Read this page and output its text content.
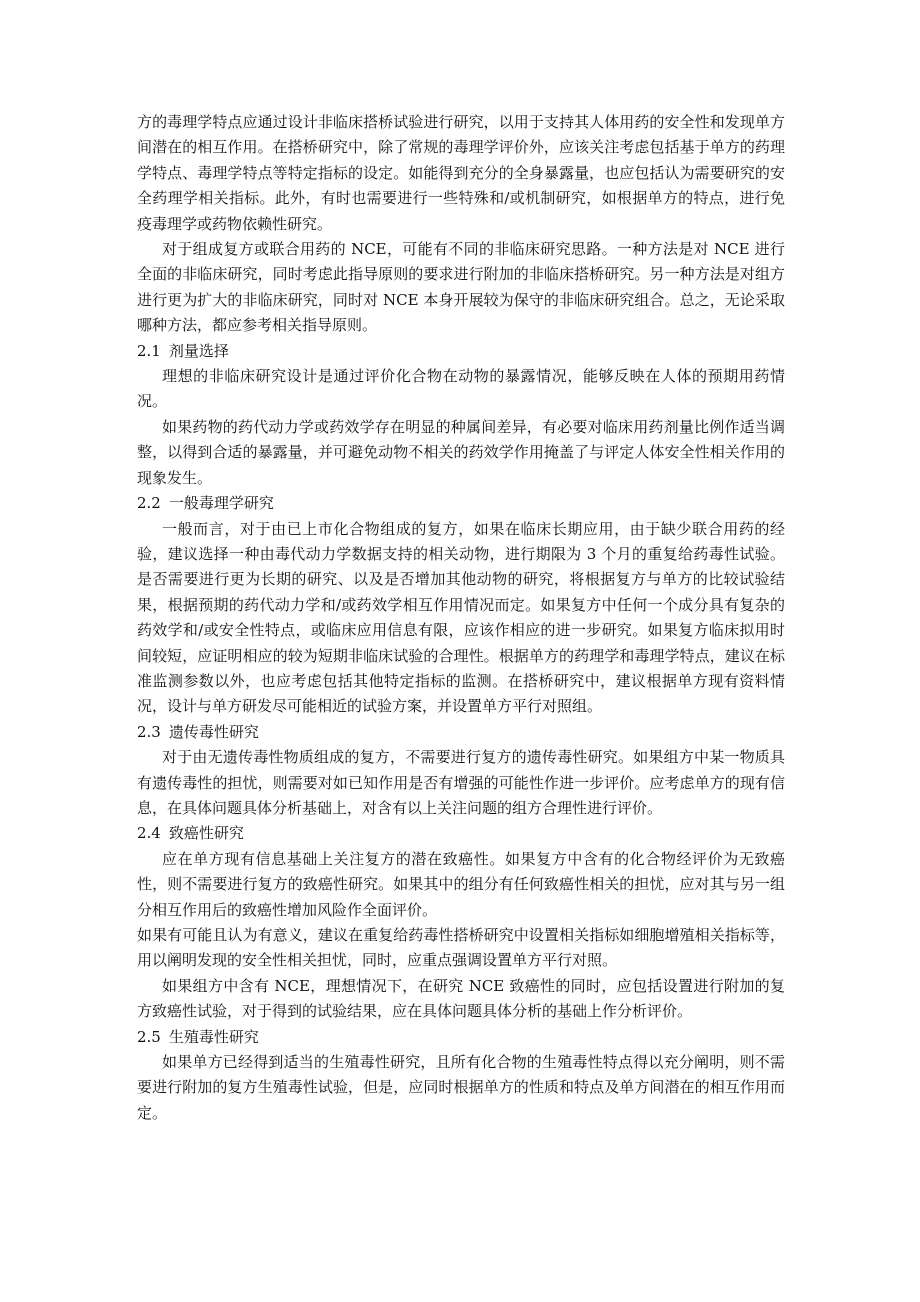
方的毒理学特点应通过设计非临床搭桥试验进行研究，以用于支持其人体用药的安全性和发现单方间潜在的相互作用。在搭桥研究中，除了常规的毒理学评价外，应该关注考虑包括基于单方的药理学特点、毒理学特点等特定指标的设定。如能得到充分的全身暴露量，也应包括认为需要研究的安全药理学相关指标。此外，有时也需要进行一些特殊和/或机制研究，如根据单方的特点，进行免疫毒理学或药物依赖性研究。

对于组成复方或联合用药的 NCE，可能有不同的非临床研究思路。一种方法是对 NCE 进行全面的非临床研究，同时考虑此指导原则的要求进行附加的非临床搭桥研究。另一种方法是对组方进行更为扩大的非临床研究，同时对 NCE 本身开展较为保守的非临床研究组合。总之，无论采取哪种方法，都应参考相关指导原则。

2.1 剂量选择

理想的非临床研究设计是通过评价化合物在动物的暴露情况，能够反映在人体的预期用药情况。

如果药物的药代动力学或药效学存在明显的种属间差异，有必要对临床用药剂量比例作适当调整，以得到合适的暴露量，并可避免动物不相关的药效学作用掩盖了与评定人体安全性相关作用的现象发生。

2.2 一般毒理学研究

一般而言，对于由已上市化合物组成的复方，如果在临床长期应用，由于缺少联合用药的经验，建议选择一种由毒代动力学数据支持的相关动物，进行期限为 3 个月的重复给药毒性试验。是否需要进行更为长期的研究、以及是否增加其他动物的研究，将根据复方与单方的比较试验结果，根据预期的药代动力学和/或药效学相互作用情况而定。如果复方中任何一个成分具有复杂的药效学和/或安全性特点，或临床应用信息有限，应该作相应的进一步研究。如果复方临床拟用时间较短，应证明相应的较为短期非临床试验的合理性。根据单方的药理学和毒理学特点，建议在标准监测参数以外，也应考虑包括其他特定指标的监测。在搭桥研究中，建议根据单方现有资料情况，设计与单方研发尽可能相近的试验方案，并设置单方平行对照组。

2.3 遗传毒性研究

对于由无遗传毒性物质组成的复方，不需要进行复方的遗传毒性研究。如果组方中某一物质具有遗传毒性的担忧，则需要对如已知作用是否有增强的可能性作进一步评价。应考虑单方的现有信息，在具体问题具体分析基础上，对含有以上关注问题的组方合理性进行评价。

2.4 致癌性研究

应在单方现有信息基础上关注复方的潜在致癌性。如果复方中含有的化合物经评价为无致癌性，则不需要进行复方的致癌性研究。如果其中的组分有任何致癌性相关的担忧，应对其与另一组分相互作用后的致癌性增加风险作全面评价。

如果有可能且认为有意义，建议在重复给药毒性搭桥研究中设置相关指标如细胞增殖相关指标等，用以阐明发现的安全性相关担忧，同时，应重点强调设置单方平行对照。

如果组方中含有 NCE，理想情况下，在研究 NCE 致癌性的同时，应包括设置进行附加的复方致癌性试验，对于得到的试验结果，应在具体问题具体分析的基础上作分析评价。

2.5 生殖毒性研究

如果单方已经得到适当的生殖毒性研究，且所有化合物的生殖毒性特点得以充分阐明，则不需要进行附加的复方生殖毒性试验，但是，应同时根据单方的性质和特点及单方间潜在的相互作用而定。
